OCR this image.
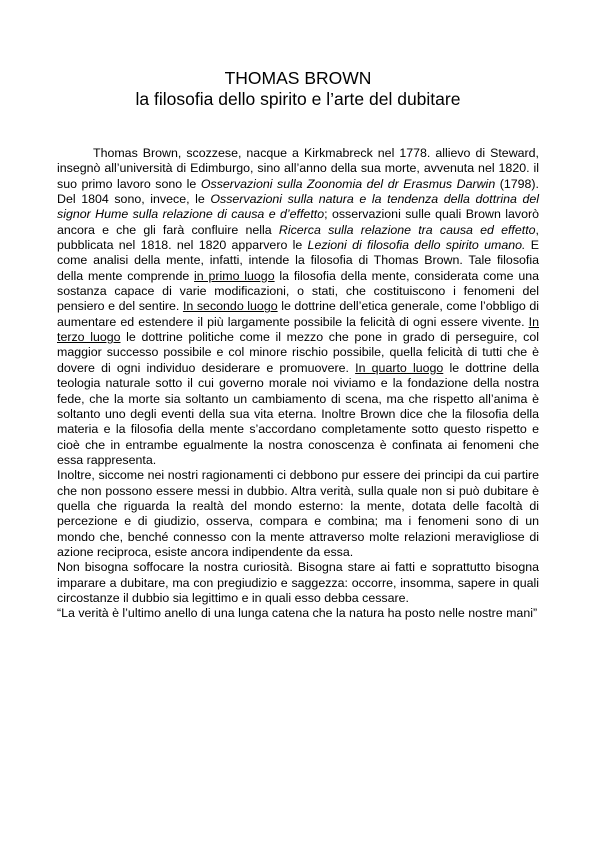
THOMAS BROWN
la filosofia dello spirito e l’arte del dubitare

Thomas Brown, scozzese, nacque a Kirkmabreck nel 1778. allievo di Steward, insegnò all’università di Edimburgo, sino all’anno della sua morte, avvenuta nel 1820. il suo primo lavoro sono le Osservazioni sulla Zoonomia del dr Erasmus Darwin (1798). Del 1804 sono, invece, le Osservazioni sulla natura e la tendenza della dottrina del signor Hume sulla relazione di causa e d’effetto; osservazioni sulle quali Brown lavorò ancora e che gli farà confluire nella Ricerca sulla relazione tra causa ed effetto, pubblicata nel 1818. nel 1820 apparvero le Lezioni di filosofia dello spirito umano. E come analisi della mente, infatti, intende la filosofia di Thomas Brown. Tale filosofia della mente comprende in primo luogo la filosofia della mente, considerata come una sostanza capace di varie modificazioni, o stati, che costituiscono i fenomeni del pensiero e del sentire. In secondo luogo le dottrine dell’etica generale, come l’obbligo di aumentare ed estendere il più largamente possibile la felicità di ogni essere vivente. In terzo luogo le dottrine politiche come il mezzo che pone in grado di perseguire, col maggior successo possibile e col minore rischio possibile, quella felicità di tutti che è dovere di ogni individuo desiderare e promuovere. In quarto luogo le dottrine della teologia naturale sotto il cui governo morale noi viviamo e la fondazione della nostra fede, che la morte sia soltanto un cambiamento di scena, ma che rispetto all’anima è soltanto uno degli eventi della sua vita eterna. Inoltre Brown dice che la filosofia della materia e la filosofia della mente s’accordano completamente sotto questo rispetto e cioè che in entrambe egualmente la nostra conoscenza è confinata ai fenomeni che essa rappresenta.

Inoltre, siccome nei nostri ragionamenti ci debbono pur essere dei principi da cui partire che non possono essere messi in dubbio. Altra verità, sulla quale non si può dubitare è quella che riguarda la realtà del mondo esterno: la mente, dotata delle facoltà di percezione e di giudizio, osserva, compara e combina; ma i fenomeni sono di un mondo che, benché connesso con la mente attraverso molte relazioni meravigliose di azione reciproca, esiste ancora indipendente da essa.

Non bisogna soffocare la nostra curiosità. Bisogna stare ai fatti e soprattutto bisogna imparare a dubitare, ma con pregiudizio e saggezza: occorre, insomma, sapere in quali circostanze il dubbio sia legittimo e in quali esso debba cessare.

“La verità è l’ultimo anello di una lunga catena che la natura ha posto nelle nostre mani”
